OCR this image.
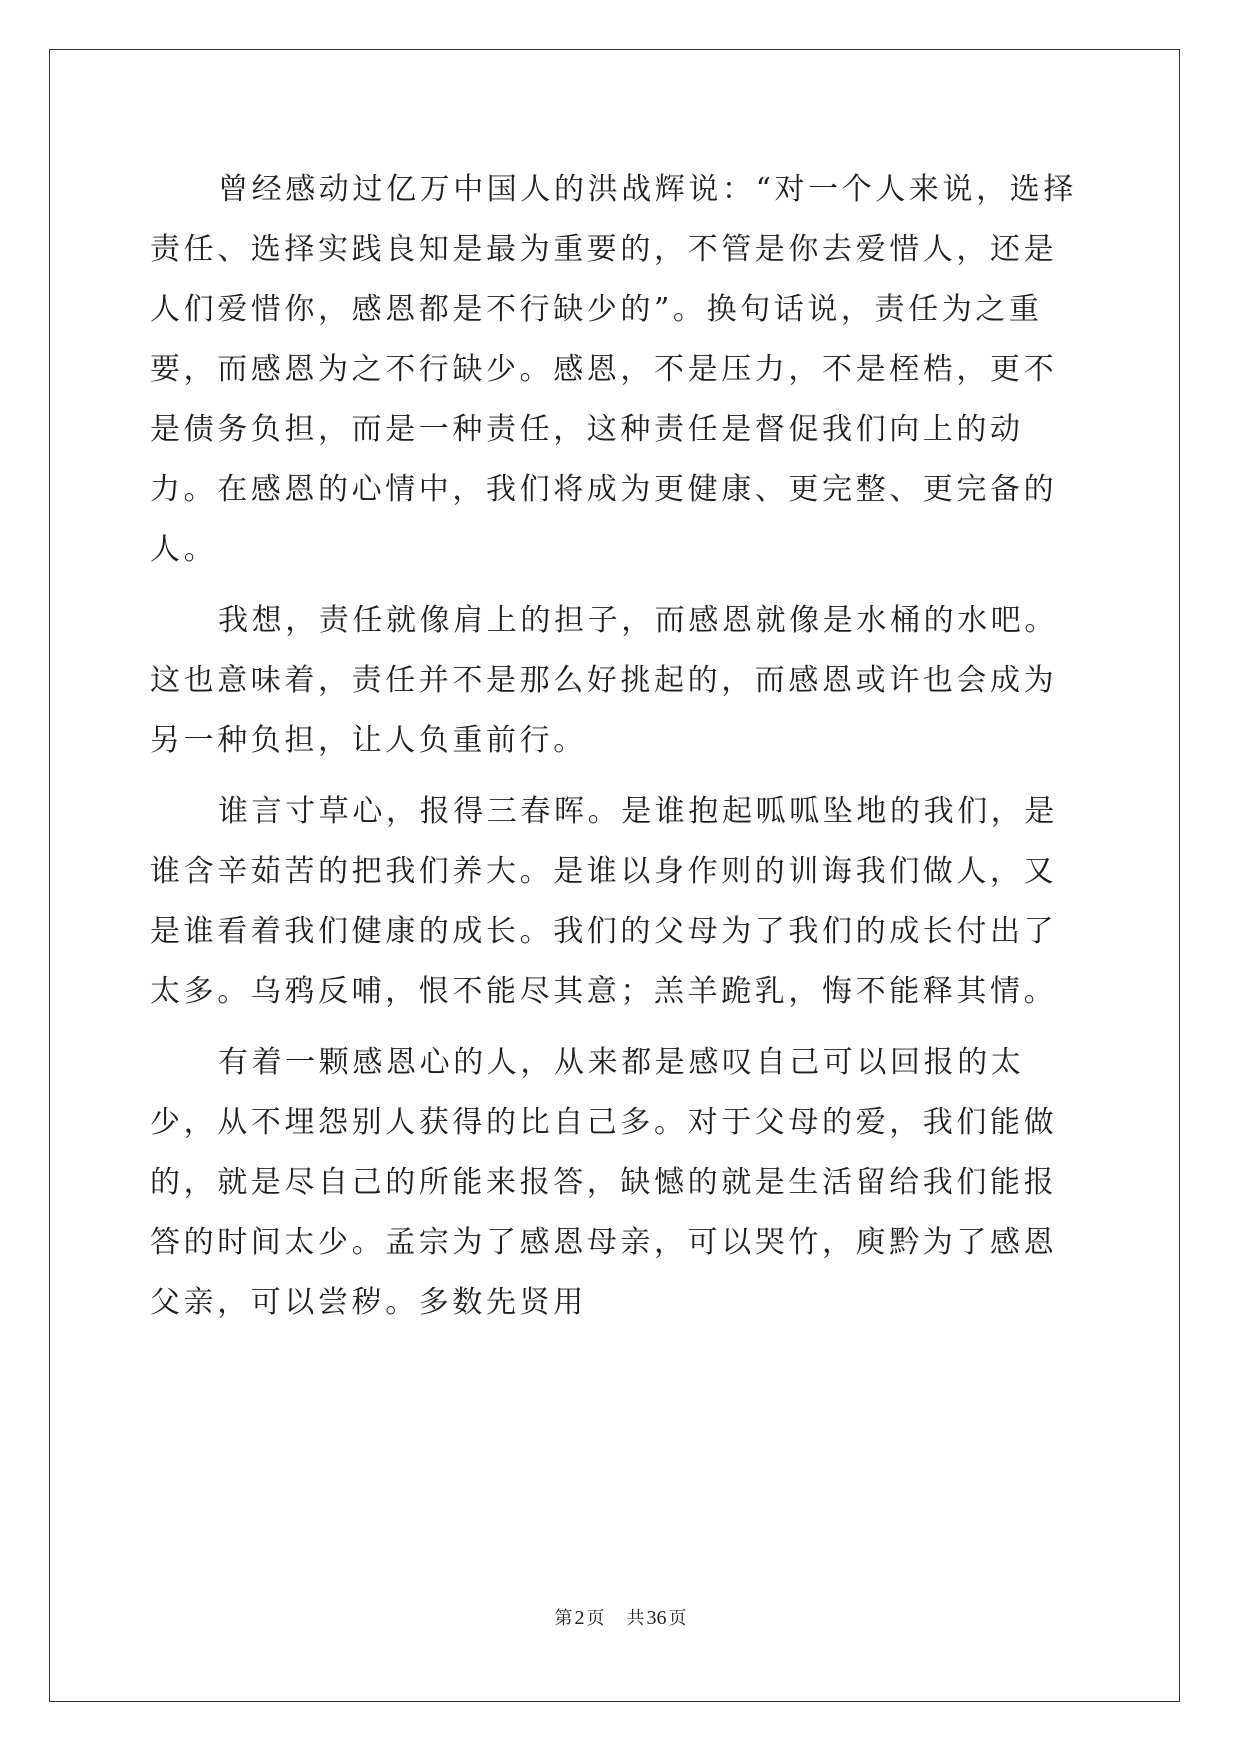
曾经感动过亿万中国人的洪战辉说：“对一个人来说，选择责任、选择实践良知是最为重要的，不管是你去爱惜人，还是人们爱惜你，感恩都是不行缺少的”。换句话说，责任为之重要，而感恩为之不行缺少。感恩，不是压力，不是桎梏，更不是债务负担，而是一种责任，这种责任是督促我们向上的动力。在感恩的心情中，我们将成为更健康、更完整、更完备的人。

我想，责任就像肩上的担子，而感恩就像是水桶的水吧。这也意味着，责任并不是那么好挑起的，而感恩或许也会成为另一种负担，让人负重前行。

谁言寸草心，报得三春晖。是谁抱起呱呱坠地的我们，是谁含辛茹苦的把我们养大。是谁以身作则的训诲我们做人，又是谁看着我们健康的成长。我们的父母为了我们的成长付出了太多。乌鸦反哺，恨不能尽其意；羔羊跪乳，悔不能释其情。

有着一颗感恩心的人，从来都是感叹自己可以回报的太少，从不埋怨别人获得的比自己多。对于父母的爱，我们能做的，就是尽自己的所能来报答，缺憾的就是生活留给我们能报答的时间太少。孟宗为了感恩母亲，可以哭竹，庾黔为了感恩父亲，可以尝秽。多数先贤用

第 2 页 共 36 页
